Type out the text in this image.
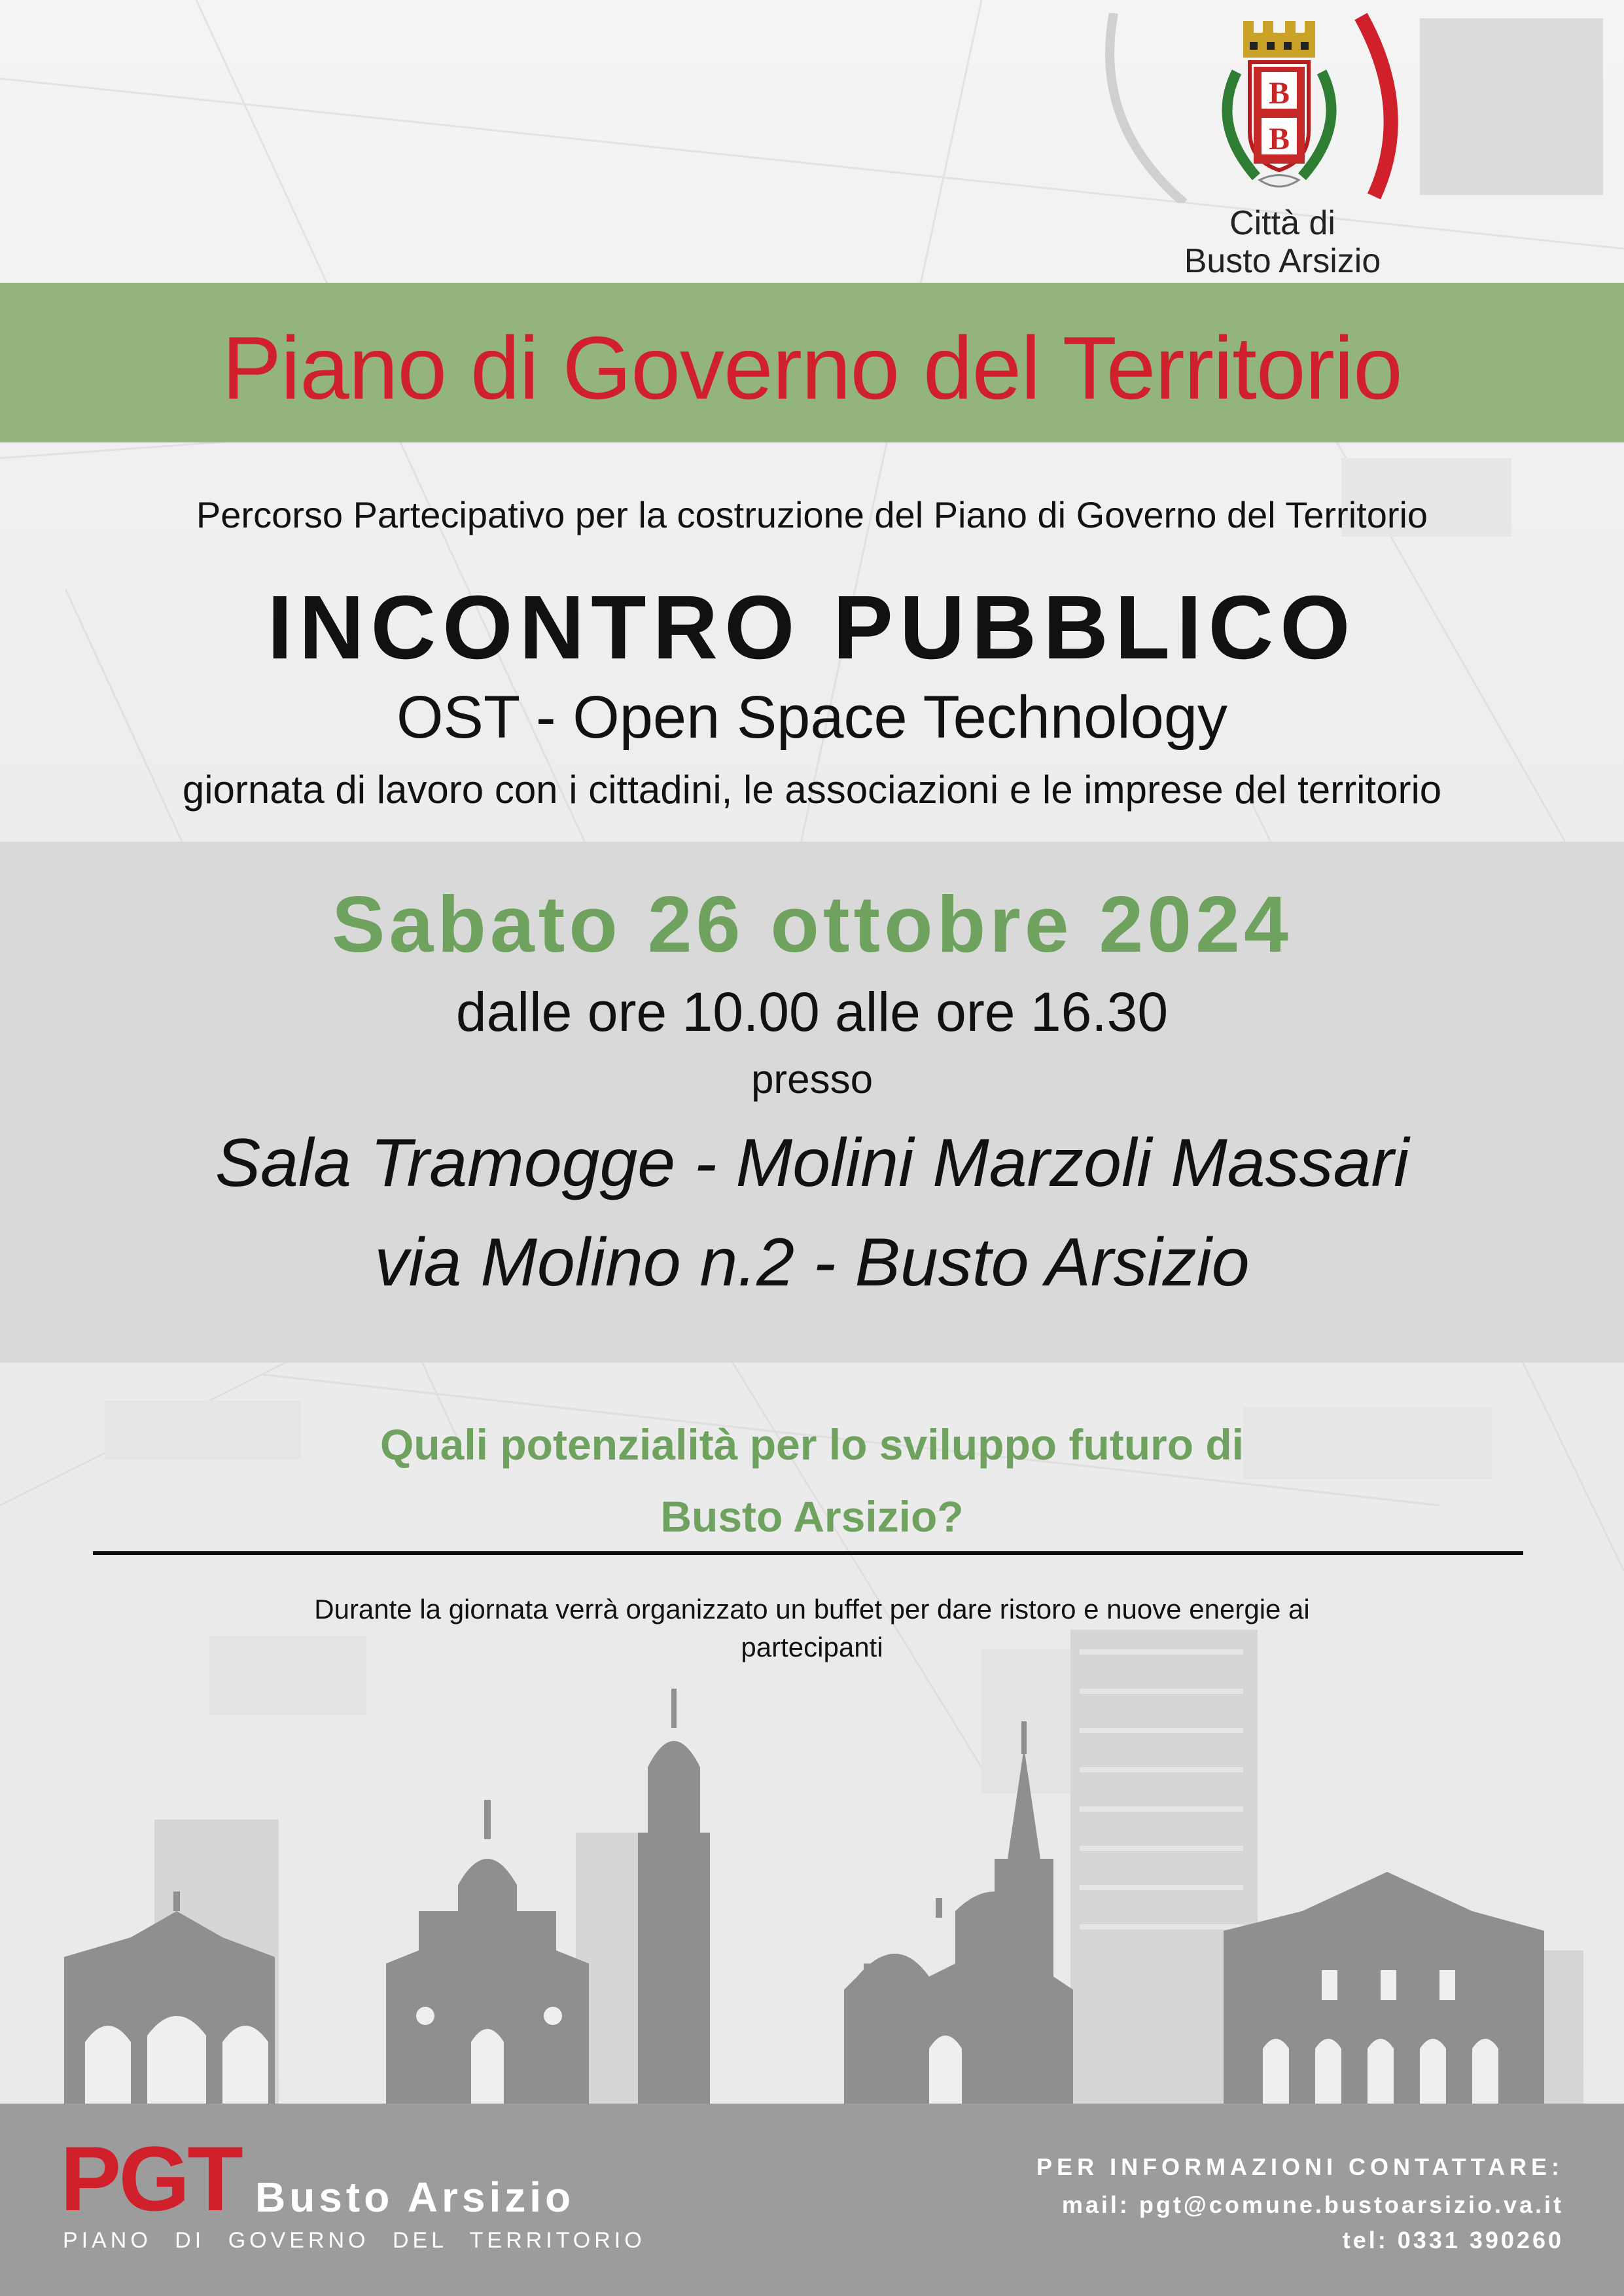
B
B
Città di
Busto Arsizio
Piano di Governo del Territorio
Percorso Partecipativo per la costruzione del Piano di Governo del Territorio
INCONTRO PUBBLICO
OST - Open Space Technology
giornata di lavoro con i cittadini, le associazioni e le imprese del territorio
Sabato 26 ottobre 2024
dalle ore 10.00 alle ore 16.30
presso
Sala Tramogge - Molini Marzoli Massari
via Molino n.2 - Busto Arsizio
Quali potenzialità per lo sviluppo futuro di
Busto Arsizio?
Durante la giornata verrà organizzato un buffet per dare ristoro e nuove energie ai
partecipanti
PGT Busto Arsizio
PIANO DI GOVERNO DEL TERRITORIO
PER INFORMAZIONI CONTATTARE:
mail: pgt@comune.bustoarsizio.va.it
tel: 0331 390260
